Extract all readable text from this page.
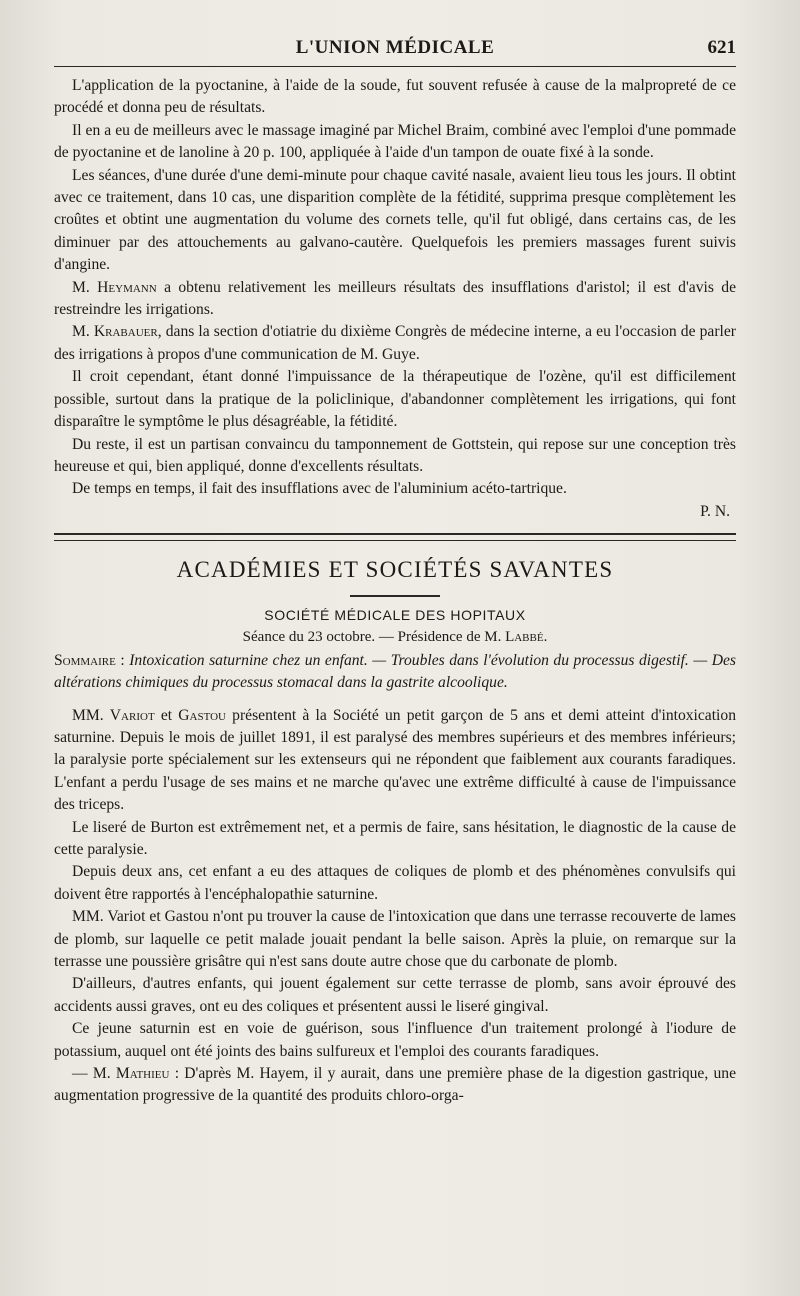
L'UNION MÉDICALE	621

L'application de la pyoctanine, à l'aide de la soude, fut souvent refusée à cause de la malpropreté de ce procédé et donna peu de résultats.

Il en a eu de meilleurs avec le massage imaginé par Michel Braim, combiné avec l'emploi d'une pommade de pyoctanine et de lanoline à 20 p. 100, appliquée à l'aide d'un tampon de ouate fixé à la sonde.

Les séances, d'une durée d'une demi-minute pour chaque cavité nasale, avaient lieu tous les jours. Il obtint avec ce traitement, dans 10 cas, une disparition complète de la fétidité, supprima presque complètement les croûtes et obtint une augmentation du volume des cornets telle, qu'il fut obligé, dans certains cas, de les diminuer par des attouchements au galvano-cautère. Quelquefois les premiers massages furent suivis d'angine.

M. Heymann a obtenu relativement les meilleurs résultats des insufflations d'aristol; il est d'avis de restreindre les irrigations.

M. Krabauer, dans la section d'otiatrie du dixième Congrès de médecine interne, a eu l'occasion de parler des irrigations à propos d'une communication de M. Guye.

Il croit cependant, étant donné l'impuissance de la thérapeutique de l'ozène, qu'il est difficilement possible, surtout dans la pratique de la policlinique, d'abandonner complètement les irrigations, qui font disparaître le symptôme le plus désagréable, la fétidité.

Du reste, il est un partisan convaincu du tamponnement de Gottstein, qui repose sur une conception très heureuse et qui, bien appliqué, donne d'excellents résultats.

De temps en temps, il fait des insufflations avec de l'aluminium acéto-tartrique.

P. N.
ACADÉMIES ET SOCIÉTÉS SAVANTES
SOCIÉTÉ MÉDICALE DES HOPITAUX
Séance du 23 octobre. — Présidence de M. Labbé.
Sommaire : Intoxication saturnine chez un enfant. — Troubles dans l'évolution du processus digestif. — Des altérations chimiques du processus stomacal dans la gastrite alcoolique.

MM. Variot et Gastou présentent à la Société un petit garçon de 5 ans et demi atteint d'intoxication saturnine. Depuis le mois de juillet 1891, il est paralysé des membres supérieurs et des membres inférieurs; la paralysie porte spécialement sur les extenseurs qui ne répondent que faiblement aux courants faradiques. L'enfant a perdu l'usage de ses mains et ne marche qu'avec une extrême difficulté à cause de l'impuissance des triceps.

Le liseré de Burton est extrêmement net, et a permis de faire, sans hésitation, le diagnostic de la cause de cette paralysie.

Depuis deux ans, cet enfant a eu des attaques de coliques de plomb et des phénomènes convulsifs qui doivent être rapportés à l'encéphalopathie saturnine.

MM. Variot et Gastou n'ont pu trouver la cause de l'intoxication que dans une terrasse recouverte de lames de plomb, sur laquelle ce petit malade jouait pendant la belle saison. Après la pluie, on remarque sur la terrasse une poussière grisâtre qui n'est sans doute autre chose que du carbonate de plomb.

D'ailleurs, d'autres enfants, qui jouent également sur cette terrasse de plomb, sans avoir éprouvé des accidents aussi graves, ont eu des coliques et présentent aussi le liseré gingival.

Ce jeune saturnin est en voie de guérison, sous l'influence d'un traitement prolongé à l'iodure de potassium, auquel ont été joints des bains sulfureux et l'emploi des courants faradiques.

— M. Mathieu : D'après M. Hayem, il y aurait, dans une première phase de la digestion gastrique, une augmentation progressive de la quantité des produits chloro-orga-
